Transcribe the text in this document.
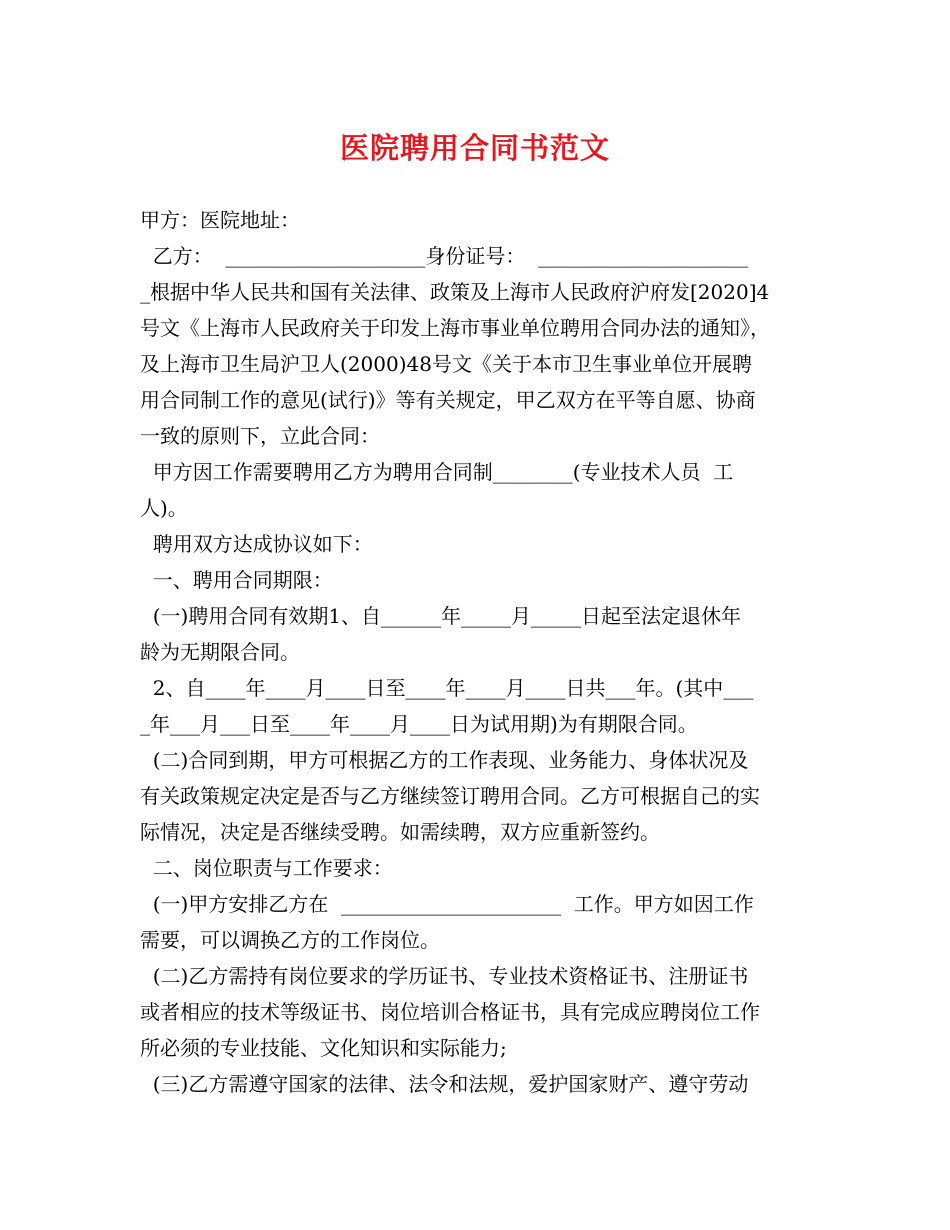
医院聘用合同书范文
甲方：医院地址：
乙方：  ____________________身份证号：  _____________________
_根据中华人民共和国有关法律、政策及上海市人民政府沪府发[2020]4
号文《上海市人民政府关于印发上海市事业单位聘用合同办法的通知》，
及上海市卫生局沪卫人(2000)48号文《关于本市卫生事业单位开展聘
用合同制工作的意见(试行)》等有关规定，甲乙双方在平等自愿、协商
一致的原则下，立此合同：
甲方因工作需要聘用乙方为聘用合同制________(专业技术人员  工
人)。
聘用双方达成协议如下：
一、聘用合同期限：
(一)聘用合同有效期1、自______年_____月_____日起至法定退休年
龄为无期限合同。
2、自____年____月____日至____年____月____日共___年。(其中___
_年___月___日至____年____月____日为试用期)为有期限合同。
(二)合同到期，甲方可根据乙方的工作表现、业务能力、身体状况及
有关政策规定决定是否与乙方继续签订聘用合同。乙方可根据自己的实
际情况，决定是否继续受聘。如需续聘，双方应重新签约。
二、岗位职责与工作要求：
(一)甲方安排乙方在  ______________________  工作。甲方如因工作
需要，可以调换乙方的工作岗位。
(二)乙方需持有岗位要求的学历证书、专业技术资格证书、注册证书
或者相应的技术等级证书、岗位培训合格证书，具有完成应聘岗位工作
所必须的专业技能、文化知识和实际能力;
(三)乙方需遵守国家的法律、法令和法规，爱护国家财产、遵守劳动
